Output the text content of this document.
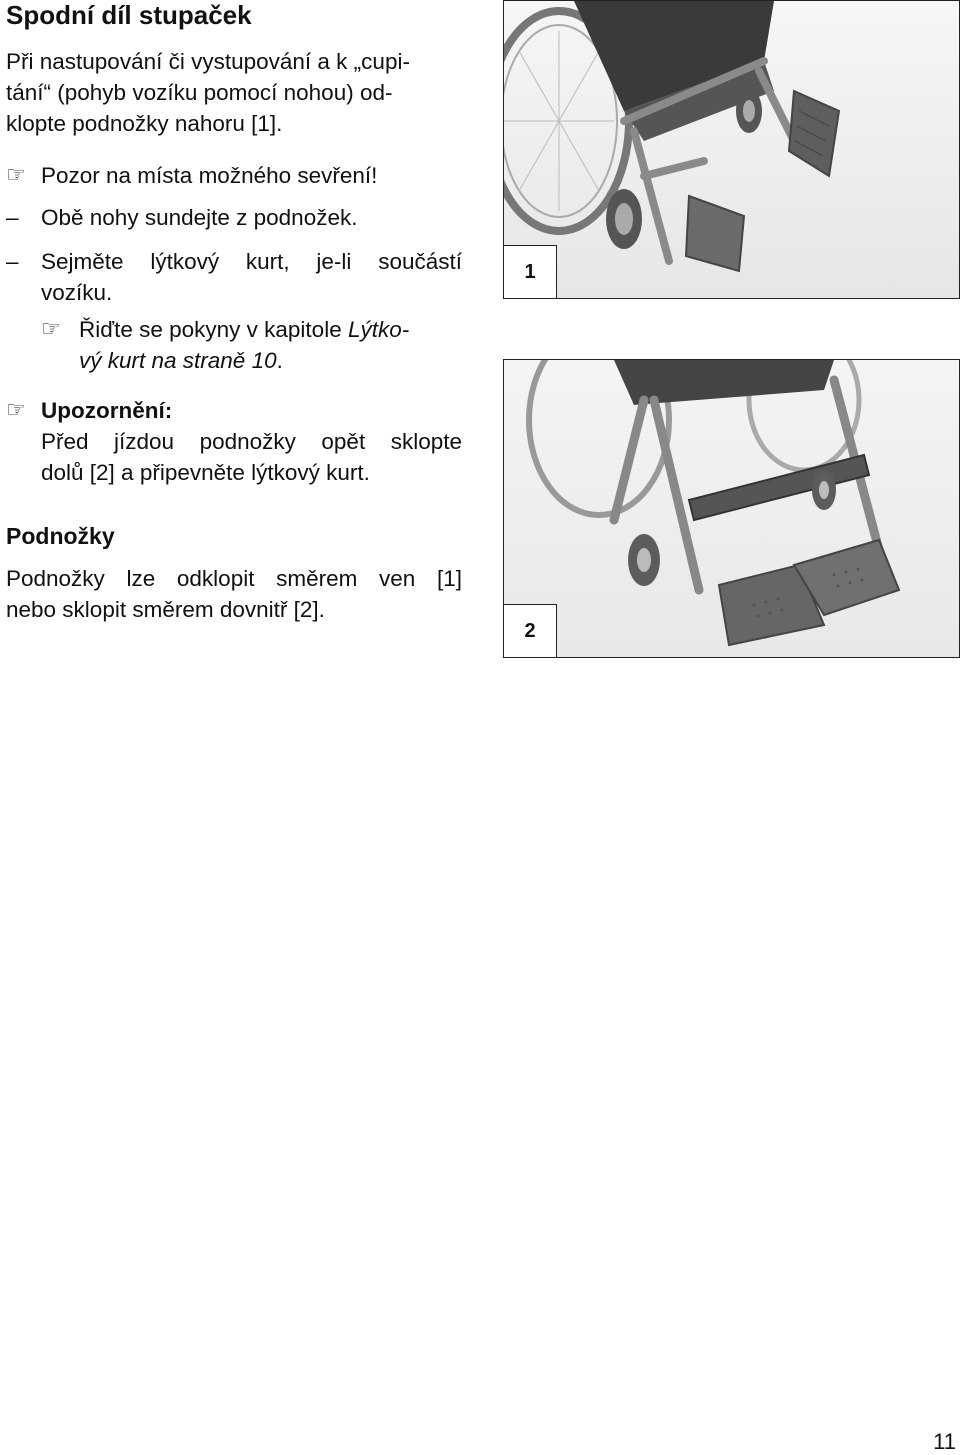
Spodní díl stupaček
Při nastupování či vystupování a k „cupi-
tání“ (pohyb vozíku pomocí nohou) od-
klopte podnožky nahoru [1].
☞ Pozor na místa možného sevření!
– Obě nohy sundejte z podnožek.
– Sejměte lýtkový kurt, je-li součástí
vozíku.
☞ Řiďte se pokyny v kapitole Lýtko-
vý kurt na straně 10.
☞ Upozornění:
Před jízdou podnožky opět sklopte
dolů [2] a připevněte lýtkový kurt.
Podnožky
Podnožky lze odklopit směrem ven [1]
nebo sklopit směrem dovnitř [2].
1
2
11
